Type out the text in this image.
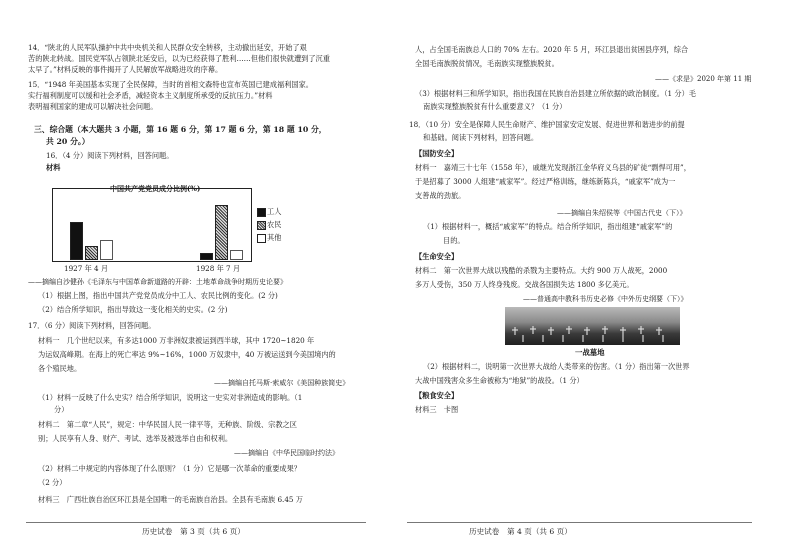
14．“陕北的人民军队操护中共中央机关和人民群众安全转移，主动撤出延安，开始了艰
苦的陕北转战。国民党军队占领陕北延安后，以为已经获得了胜利……但他们很快就遭到了沉重
太早了。”材料反映的事件揭开了人民解放军战略进攻的序幕。
15．“1948 年美国基本实现了全民保障，当时的首相文森特也宣布英国已建成福利国家。
实行福利制度可以缓和社会矛盾，减轻资本主义制度所承受的反抗压力。”材料
表明福利国家的建成可以解决社会问题。
三、综合题（本大题共 3 小题，第 16 题 6 分，第 17 题 6 分，第 18 题 10 分，
共 20 分。）
16．（4 分）阅读下列材料，回答问题。
材料
中国共产党党员成分比例(%)
工人
农民
其他
1927 年 4 月	1928 年 7 月
——摘编自沙健孙《毛泽东与中国革命新道路的开辟：土地革命战争时期历史论要》
（1）根据上图，指出中国共产党党员成分中工人、农民比例的变化。(2 分)
（2）结合所学知识，指出导致这一变化相关的史实。(2 分)
17．（6 分）阅读下列材料，回答问题。
材料一　几个世纪以来，有多达1000 万非洲奴隶被运到西半球，其中 1720~1820 年
为运奴高峰期。在海上的死亡率达 9%~16%，1000 万奴隶中，40 万被运送到今美国境内的
各个殖民地。
——摘编自托马斯·索威尔《美国种族简史》
（1）材料一反映了什么史实？结合所学知识，说明这一史实对非洲造成的影响。（1
分）
材料二　第二章“人民”，规定：中华民国人民一律平等，无种族、阶级、宗教之区
别；人民享有人身、财产、考试、选举及被选举自由和权利。
——摘编自《中华民国临时约法》
（2）材料二中规定的内容体现了什么原则？（1 分）它是哪一次革命的重要成果？
（2 分）
材料三　广西壮族自治区环江县是全国唯一的毛南族自治县。全县有毛南族 6.45 万
历史试卷　第 3 页（共 6 页）
人，占全国毛南族总人口的 70% 左右。2020 年 5 月，环江县退出贫困县序列，综合
全国毛南族脱贫情况，毛南族实现整族脱贫。
——《求是》2020 年第 11 期
（3）根据材料三和所学知识，指出我国在民族自治县建立所依据的政治制度。（1 分）毛
南族实现整族脱贫有什么重要意义？（1 分）
18．（10 分）安全是保障人民生命财产、维护国家安定发展、促进世界和谐进步的前提
和基础。阅读下列材料，回答问题。
【国防安全】
材料一　嘉靖三十七年（1558 年），戚继光发现浙江金华府义乌县的矿徒“剽悍可用”，
于是招募了 3000 人组建“戚家军”。经过严格训练，继练新陈兵，“戚家军”成为一
支善战的劲旅。
——摘编自朱绍侯等《中国古代史（下）》
（1）根据材料一，概括“戚家军”的特点。结合所学知识，指出组建“戚家军”的
目的。
【生命安全】
材料二　第一次世界大战以残酷的杀戮为主要特点。大约 900 万人战死，2000
多万人受伤，350 万人终身残废。交战各国损失达 1800 多亿美元。
——普通高中教科书历史必修《中外历史纲要（下）》
一战墓地
（2）根据材料二，说明第一次世界大战给人类带来的伤害。（1 分）指出第一次世界
大战中国残害众多生命被称为“地狱”的战役。（1 分）
【粮食安全】
材料三　卡图
历史试卷　第 4 页（共 6 页）
